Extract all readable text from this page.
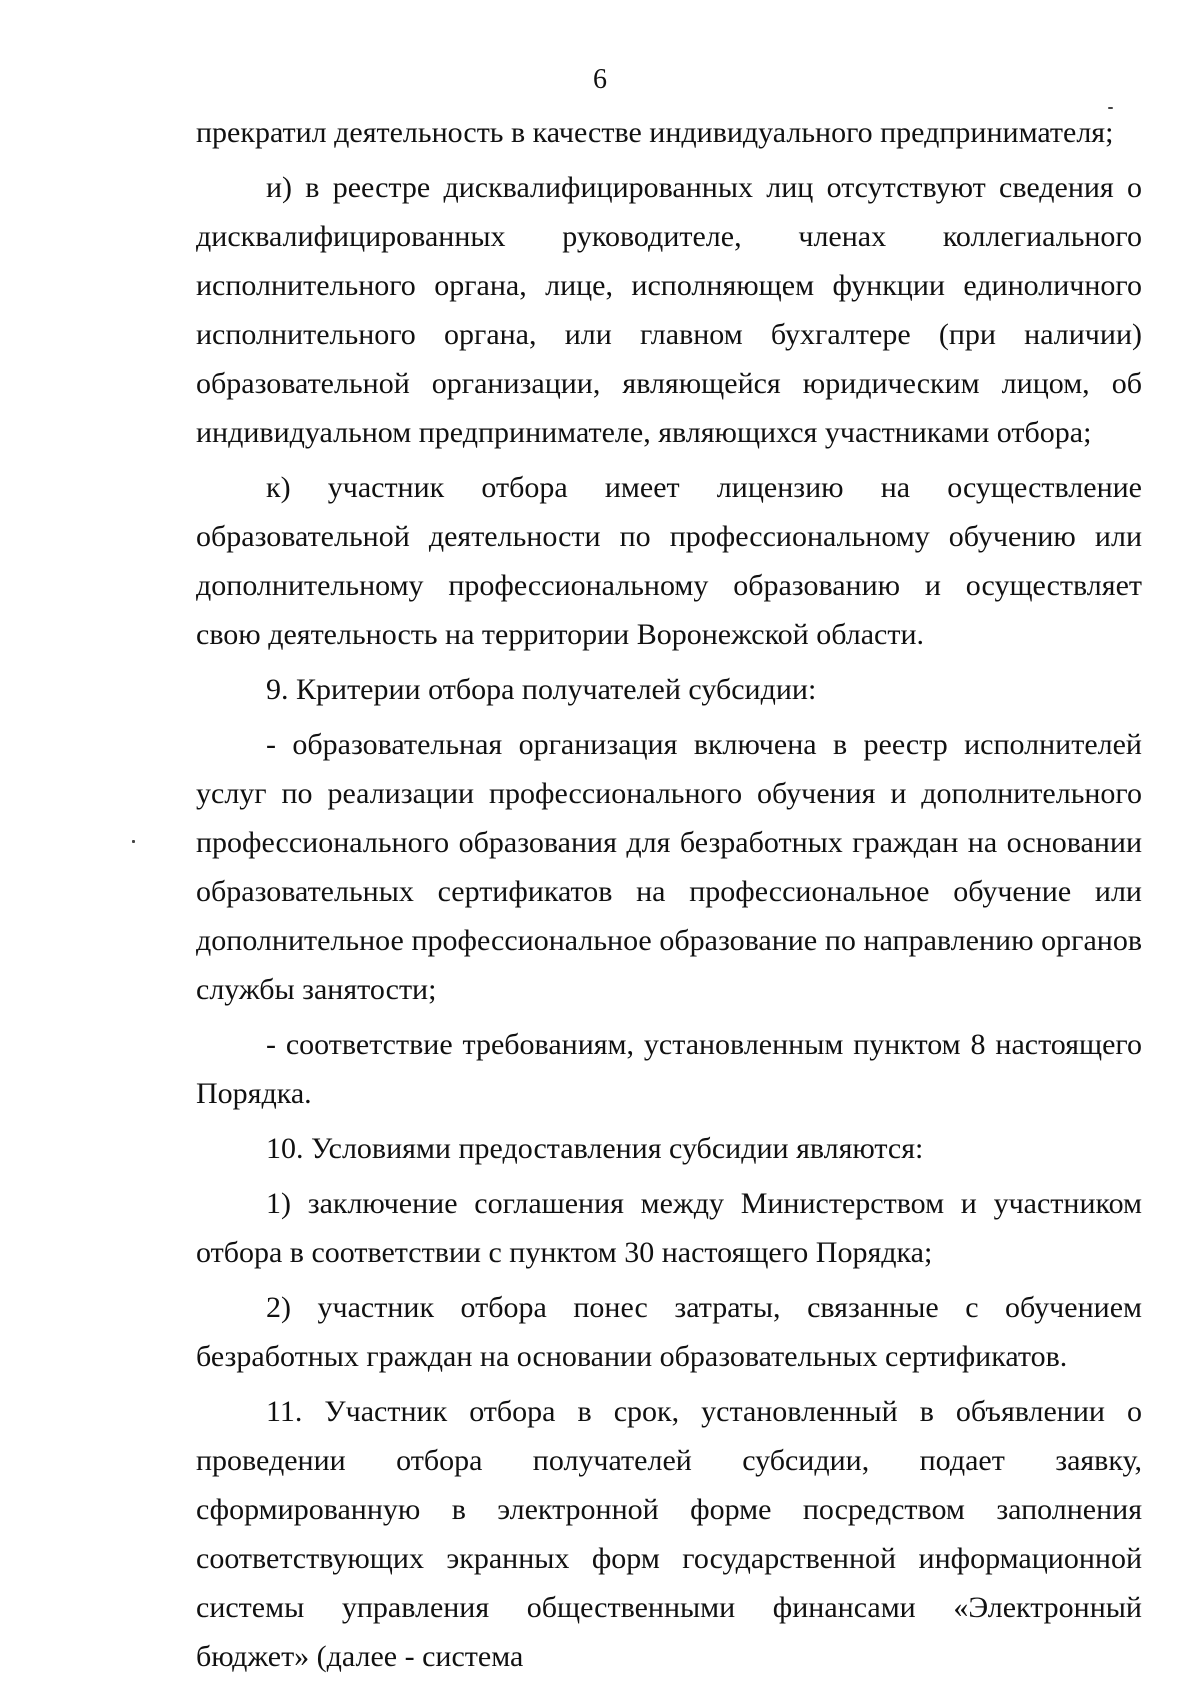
6

прекратил деятельность в качестве индивидуального предпринимателя;

и) в реестре дисквалифицированных лиц отсутствуют сведения о дисквалифицированных руководителе, членах коллегиального исполнительного органа, лице, исполняющем функции единоличного исполнительного органа, или главном бухгалтере (при наличии) образовательной организации, являющейся юридическим лицом, об индивидуальном предпринимателе, являющихся участниками отбора;

к) участник отбора имеет лицензию на осуществление образовательной деятельности по профессиональному обучению или дополнительному профессиональному образованию и осуществляет свою деятельность на территории Воронежской области.

9. Критерии отбора получателей субсидии:

- образовательная организация включена в реестр исполнителей услуг по реализации профессионального обучения и дополнительного профессионального образования для безработных граждан на основании образовательных сертификатов на профессиональное обучение или дополнительное профессиональное образование по направлению органов службы занятости;

- соответствие требованиям, установленным пунктом 8 настоящего Порядка.

10. Условиями предоставления субсидии являются:

1) заключение соглашения между Министерством и участником отбора в соответствии с пунктом 30 настоящего Порядка;

2) участник отбора понес затраты, связанные с обучением безработных граждан на основании образовательных сертификатов.

11. Участник отбора в срок, установленный в объявлении о проведении отбора получателей субсидии, подает заявку, сформированную в электронной форме посредством заполнения соответствующих экранных форм государственной информационной системы управления общественными финансами «Электронный бюджет» (далее - система
